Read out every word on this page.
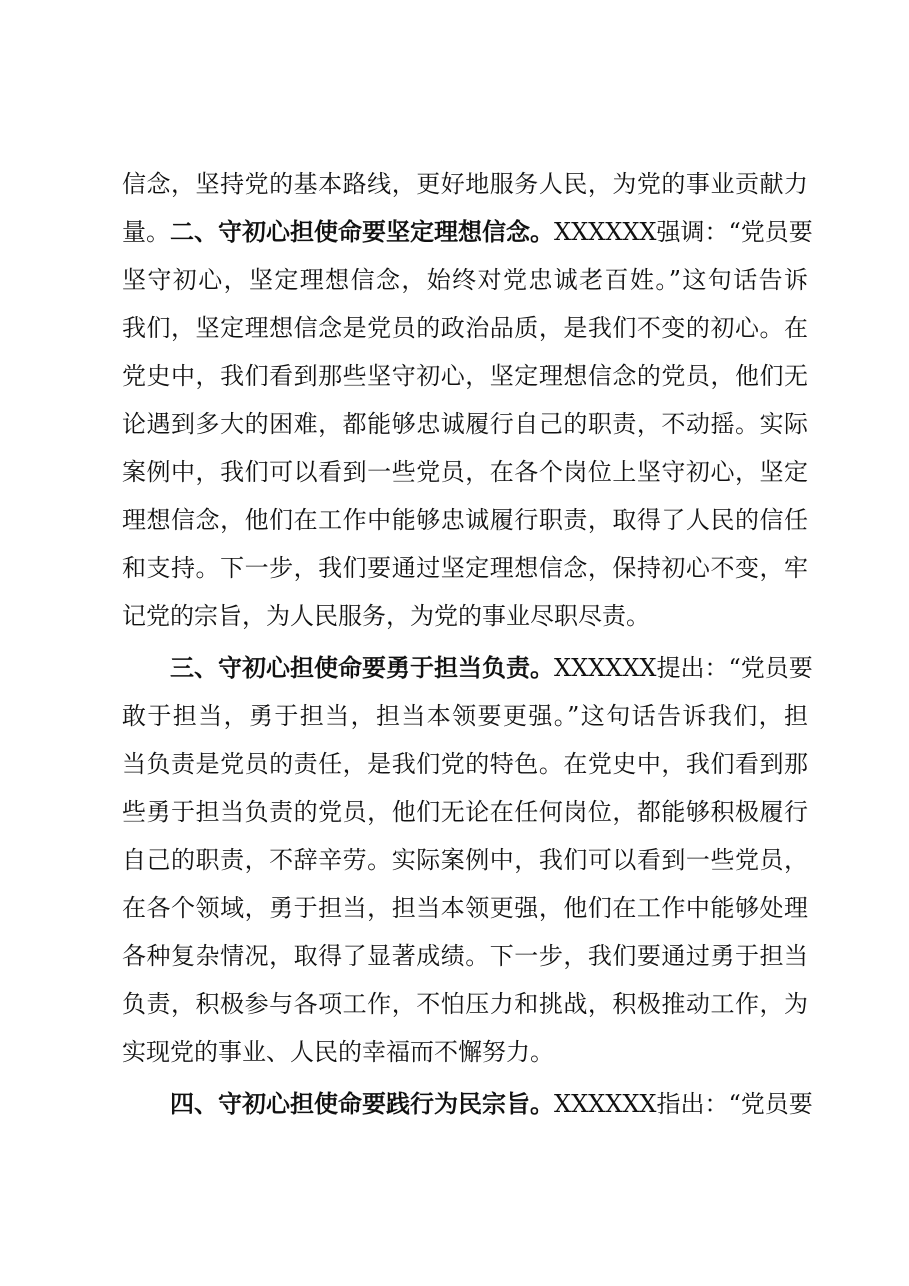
信念，坚持党的基本路线，更好地服务人民，为党的事业贡献力
量。二、守初心担使命要坚定理想信念。XXXXXX强调：“党员要
坚守初心，坚定理想信念，始终对党忠诚老百姓。”这句话告诉
我们，坚定理想信念是党员的政治品质，是我们不变的初心。在
党史中，我们看到那些坚守初心，坚定理想信念的党员，他们无
论遇到多大的困难，都能够忠诚履行自己的职责，不动摇。实际
案例中，我们可以看到一些党员，在各个岗位上坚守初心，坚定
理想信念，他们在工作中能够忠诚履行职责，取得了人民的信任
和支持。下一步，我们要通过坚定理想信念，保持初心不变，牢
记党的宗旨，为人民服务，为党的事业尽职尽责。
　　三、守初心担使命要勇于担当负责。XXXXXX提出：“党员要
敢于担当，勇于担当，担当本领要更强。”这句话告诉我们，担
当负责是党员的责任，是我们党的特色。在党史中，我们看到那
些勇于担当负责的党员，他们无论在任何岗位，都能够积极履行
自己的职责，不辞辛劳。实际案例中，我们可以看到一些党员，
在各个领域，勇于担当，担当本领更强，他们在工作中能够处理
各种复杂情况，取得了显著成绩。下一步，我们要通过勇于担当
负责，积极参与各项工作，不怕压力和挑战，积极推动工作，为
实现党的事业、人民的幸福而不懈努力。
　　四、守初心担使命要践行为民宗旨。XXXXXX指出：“党员要
